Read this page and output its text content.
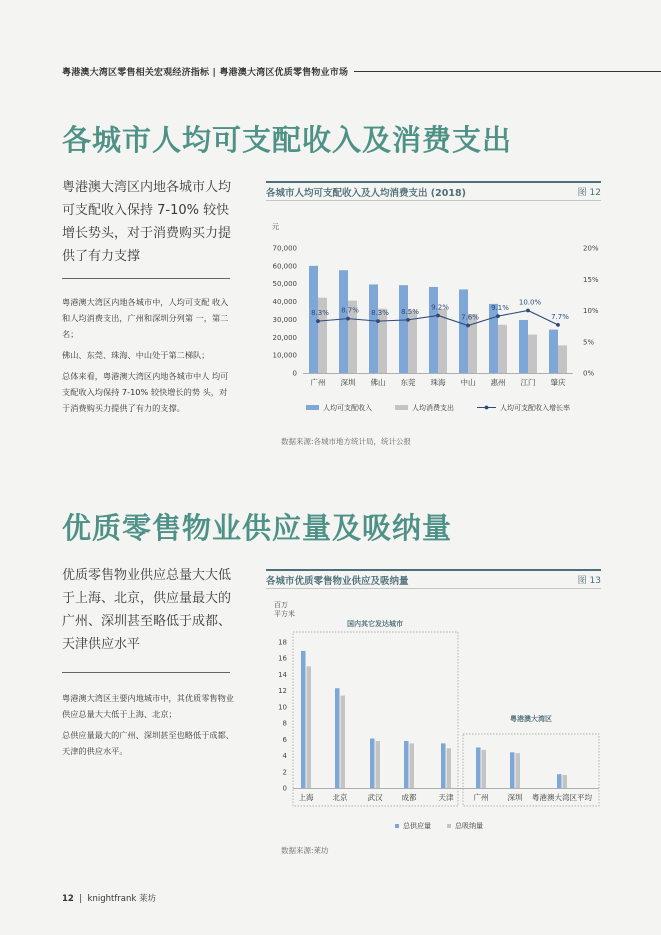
粤港澳大湾区零售相关宏观经济指标 | 粤港澳大湾区优质零售物业市场
各城市人均可支配收入及消费支出
粤港澳大湾区内地各城市人均可支配收入保持 7-10% 较快增长势头，对于消费购买力提供了有力支撑

粤港澳大湾区内地各城市中，人均可支配 收入和人均消费支出，广州和深圳分列第 一，第二名；

佛山、东莞、珠海、中山处于第二梯队；

总体来看，粤港澳大湾区内地各城市中人 均可支配收入均保持 7-10% 较快增长的势 头，对于消费购买力提供了有力的支撑。

各城市人均可支配收入及人均消费支出 (2018)	图 12
元
0
10,000
20,000
30,000
40,000
50,000
60,000
70,000
0%
5%
10%
15%
20%
广州 深圳 佛山 东莞 珠海 中山 惠州 江门 肇庆
8.3% 8.7% 8.3% 8.5%
9.2%
7.6%
9.1%
10.0%
7.7%
人均可支配收入	人均消费支出	人均可支配收入增长率
数据来源:各城市地方统计局，统计公报
优质零售物业供应量及吸纳量
优质零售物业供应总量大大低于上海、北京，供应量最大的广州、深圳甚至略低于成都、天津供应水平

粤港澳大湾区主要内地城市中，其优质零售物业供应总量大大低于上海、北京；

总供应量最大的广州、深圳甚至也略低于成都、天津的供应水平。

各城市优质零售物业供应及吸纳量	图 13
百万
平方米
0
2
4
6
8
10
12
14
16
18
国内其它发达城市
粤港澳大湾区
上海	北京	武汉	成都	天津	广州	深圳 粤港澳大湾区平均
总供应量	总吸纳量
数据来源:莱坊
12  |  knightfrank 莱坊
